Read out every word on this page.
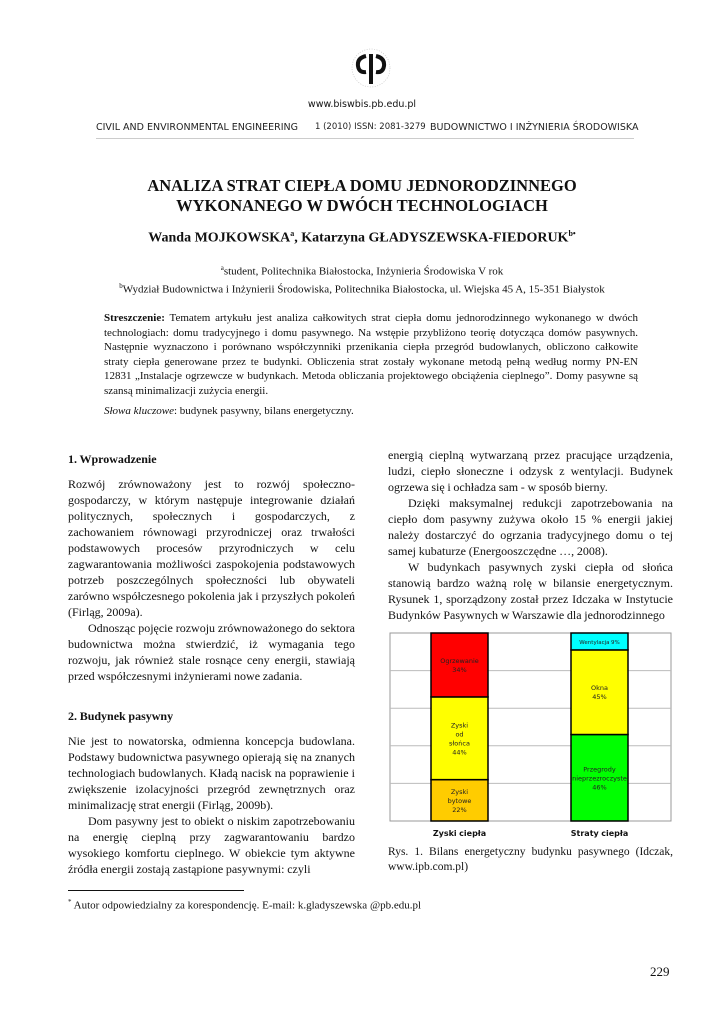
www.biswbis.pb.edu.pl
CIVIL AND ENVIRONMENTAL ENGINEERING 1 (2010) ISSN: 2081-3279 BUDOWNICTWO I INŻYNIERIA ŚRODOWISKA
ANALIZA STRAT CIEPŁA DOMU JEDNORODZINNEGO
WYKONANEGO W DWÓCH TECHNOLOGIACH
Wanda MOJKOWSKA$^a$, Katarzyna GŁADYSZEWSKA-$FIEDORUK^{b•}$
$^a$student, Politechnika Białostocka, Inżynieria Środowiska V rok
$^b$Wydział Budownictwa i Inżynierii Środowiska, Politechnika Białostocka, ul. Wiejska 45 A, 15-351 Białystok
Streszczenie: Tematem artykułu jest analiza całkowitych strat ciepła domu jednorodzinnego wykonanego w dwóch technologiach: domu tradycyjnego i domu pasywnego. Na wstępie przybliżono teorię dotycząca domów pasywnych. Następnie wyznaczono i porównano współczynniki przenikania ciepła przegród budowlanych, obliczono całkowite straty ciepła generowane przez te budynki. Obliczenia strat zostały wykonane metodą pełną według normy PN-EN 12831 „Instalacje ogrzewcze w budynkach. Metoda obliczania projektowego obciążenia cieplnego”. Domy pasywne są szansą minimalizacji zużycia energii.
Słowa kluczowe: budynek pasywny, bilans energetyczny.
1. Wprowadzenie

Rozwój zrównoważony jest to rozwój społeczno-gospodarczy, w którym następuje integrowanie działań politycznych, społecznych i gospodarczych, z zachowaniem równowagi przyrodniczej oraz trwałości podstawowych procesów przyrodniczych w celu zagwarantowania możliwości zaspokojenia podstawowych potrzeb poszczególnych społeczności lub obywateli zarówno współczesnego pokolenia jak i przyszłych pokoleń (Firląg, 2009a).

Odnosząc pojęcie rozwoju zrównoważonego do sektora budownictwa można stwierdzić, iż wymagania tego rozwoju, jak również stale rosnące ceny energii, stawiają przed współczesnymi inżynierami nowe zadania.

2. Budynek pasywny

Nie jest to nowatorska, odmienna koncepcja budowlana. Podstawy budownictwa pasywnego opierają się na znanych technologiach budowlanych. Kładą nacisk na poprawienie i zwiększenie izolacyjności przegród zewnętrznych oraz minimalizację strat energii (Firląg, 2009b).

Dom pasywny jest to obiekt o niskim zapotrzebowaniu na energię cieplną przy zagwarantowaniu bardzo wysokiego komfortu cieplnego. W obiekcie tym aktywne źródła energii zostają zastąpione pasywnymi: czyli

energią cieplną wytwarzaną przez pracujące urządzenia, ludzi, ciepło słoneczne i odzysk z wentylacji. Budynek ogrzewa się i ochładza sam - w sposób bierny.

Dzięki maksymalnej redukcji zapotrzebowania na ciepło dom pasywny zużywa około 15 % energii jakiej należy dostarczyć do ogrzania tradycyjnego domu o tej samej kubaturze (Energooszczędne …, 2008).

W budynkach pasywnych zyski ciepła od słońca stanowią bardzo ważną rolę w bilansie energetycznym. Rysunek 1, sporządzony został przez Idczaka w Instytucie Budynków Pasywnych w Warszawie dla jednorodzinnego

Zyski
bytowe
22%
Zyski
od
słońca
44%
Ogrzewanie
34%
Zyski ciepła
Przegrody
nieprzezroczyste
46%
Okna
45%
Wentylacja 9%
Straty ciepła
Rys. 1. Bilans energetyczny budynku pasywnego (Idczak, www.ipb.com.pl)
* Autor odpowiedzialny za korespondencję. E-mail: k.gladyszewska @pb.edu.pl
229
